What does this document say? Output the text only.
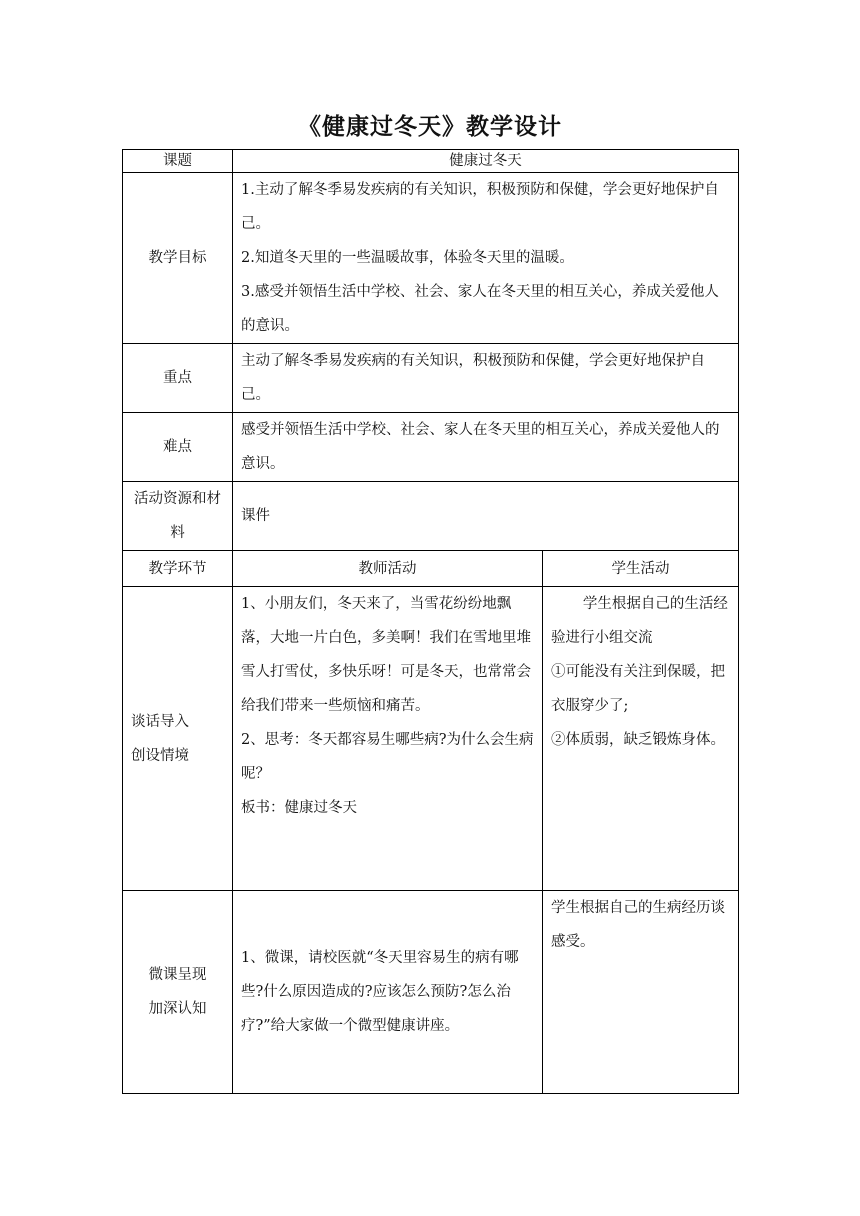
《健康过冬天》教学设计
课题	健康过冬天	
教学目标	1.主动了解冬季易发疾病的有关知识，积极预防和保健，学会更好地保护自己。
2.知道冬天里的一些温暖故事，体验冬天里的温暖。
3.感受并领悟生活中学校、社会、家人在冬天里的相互关心，养成关爱他人的意识。	

重点	主动了解冬季易发疾病的有关知识，积极预防和保健，学会更好地保护自己。	
难点	感受并领悟生活中学校、社会、家人在冬天里的相互关心，养成关爱他人的意识。	
活动资源和材料	课件	
教学环节	教师活动	学生活动

谈话导入
创设情境	1、小朋友们，冬天来了，当雪花纷纷地飘落，大地一片白色，多美啊！我们在雪地里堆雪人打雪仗，多快乐呀！可是冬天，也常常会给我们带来一些烦恼和痛苦。
2、思考：冬天都容易生哪些病?为什么会生病呢？
板书：健康过冬天	学生根据自己的生活经验进行小组交流
①可能没有关注到保暖，把衣服穿少了;
②体质弱，缺乏锻炼身体。

微课呈现
加深认知	1、微课，请校医就“冬天里容易生的病有哪些?什么原因造成的?应该怎么预防?怎么治疗?”给大家做一个微型健康讲座。	学生根据自己的生病经历谈感受。
